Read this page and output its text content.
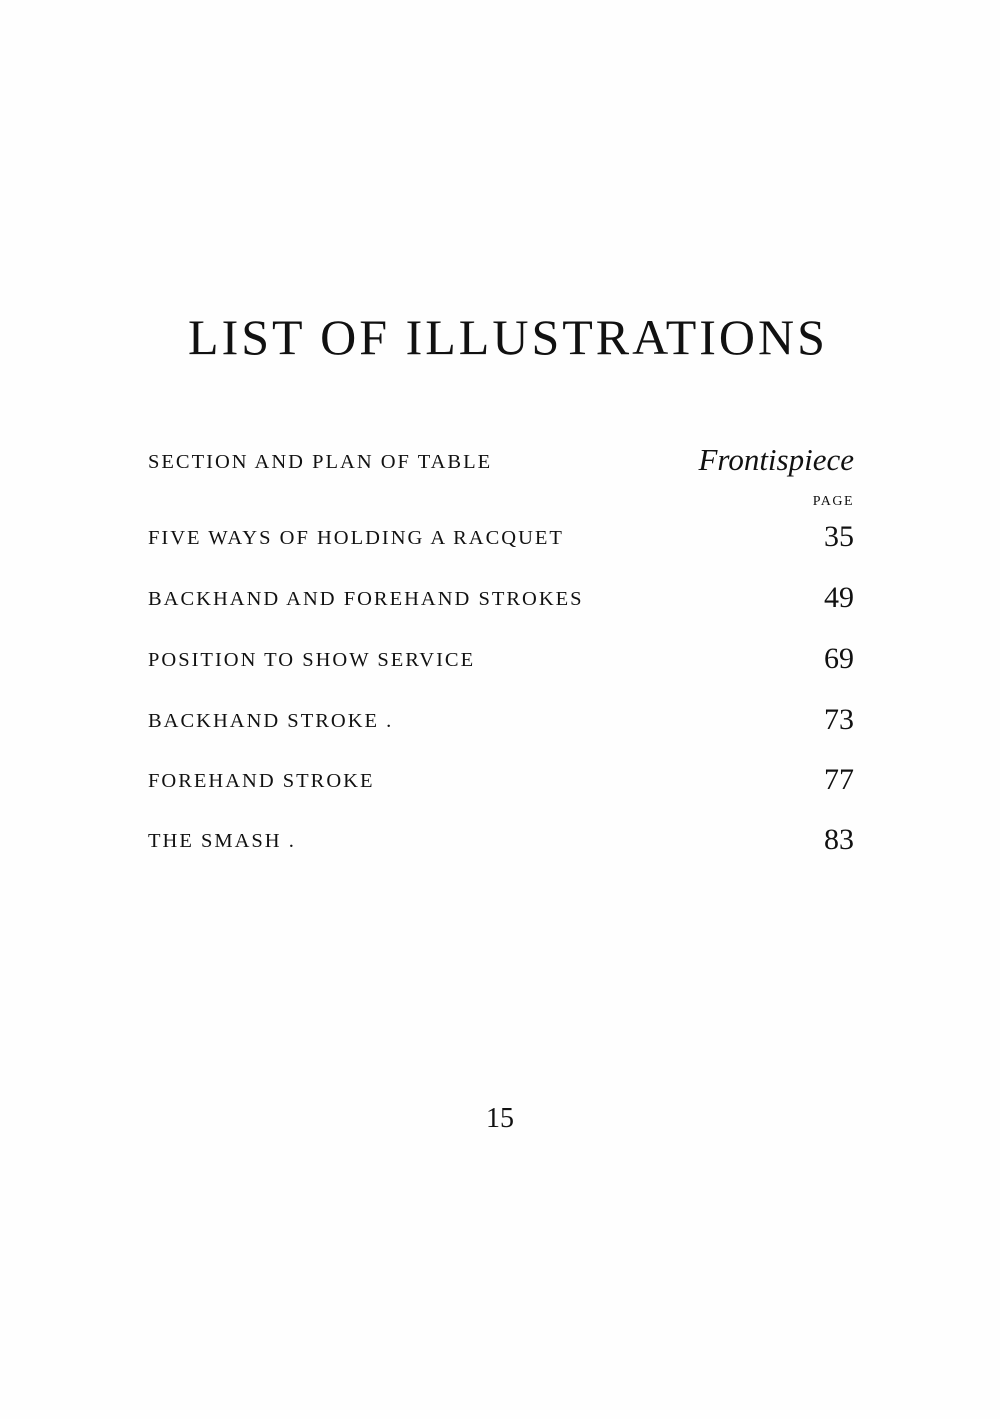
LIST OF ILLUSTRATIONS
SECTION AND PLAN OF TABLE	Frontispiece
PAGE
FIVE WAYS OF HOLDING A RACQUET	35
BACKHAND AND FOREHAND STROKES	49
POSITION TO SHOW SERVICE	69
BACKHAND STROKE .	73
FOREHAND STROKE	77
THE SMASH .	83
15
